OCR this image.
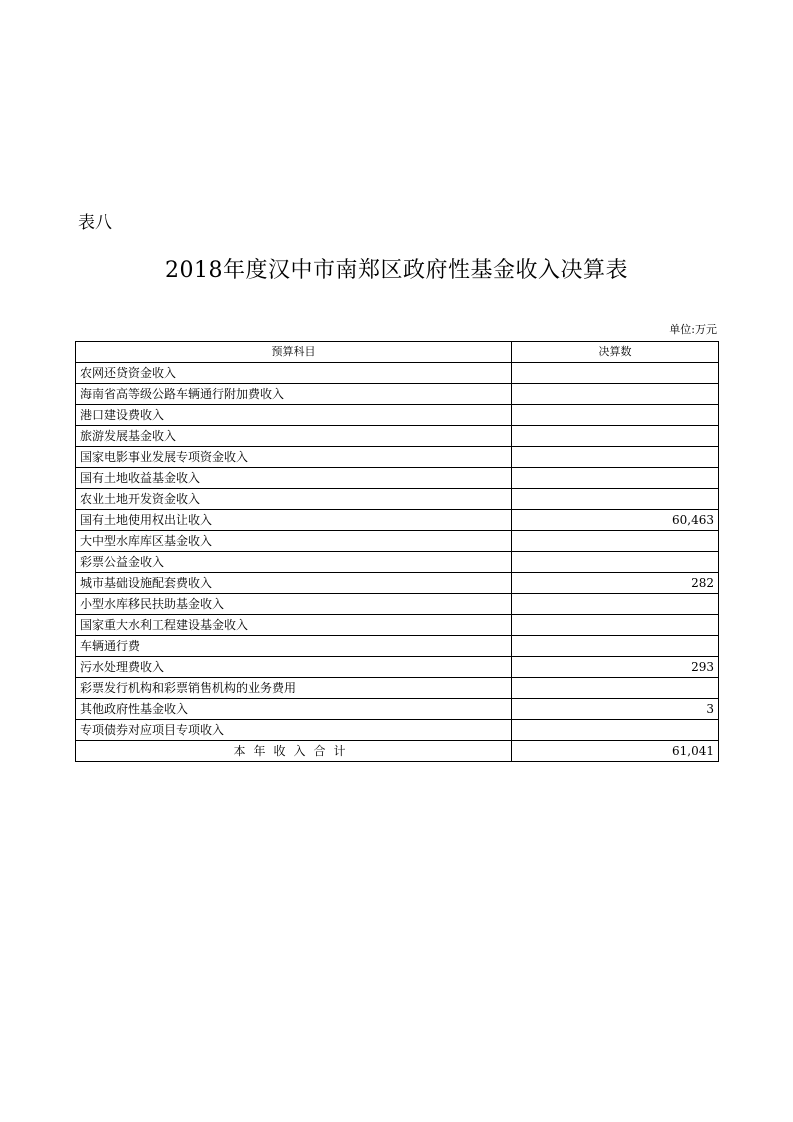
表八
2018年度汉中市南郑区政府性基金收入决算表
单位:万元
预算科目	决算数
农网还贷资金收入	
海南省高等级公路车辆通行附加费收入	
港口建设费收入	
旅游发展基金收入	
国家电影事业发展专项资金收入	
国有土地收益基金收入	
农业土地开发资金收入	
国有土地使用权出让收入	60,463
大中型水库库区基金收入	
彩票公益金收入	
城市基础设施配套费收入	282
小型水库移民扶助基金收入	
国家重大水利工程建设基金收入	
车辆通行费	
污水处理费收入	293
彩票发行机构和彩票销售机构的业务费用	
其他政府性基金收入	3
专项债券对应项目专项收入	
本年收入合计	61,041
